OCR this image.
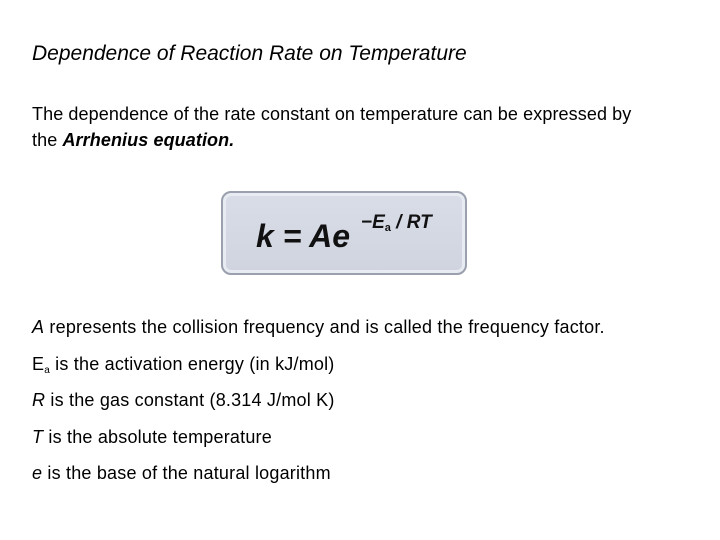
Dependence of Reaction Rate on Temperature
The dependence of the rate constant on temperature can be expressed by
the Arrhenius equation.
$k = Ae -E_a$ / RT
A represents the collision frequency and is called the frequency factor.
$E_a$ is the activation energy (in kJ/mol)
R is the gas constant (8.314 J/mol K)
T is the absolute temperature
e is the base of the natural logarithm
